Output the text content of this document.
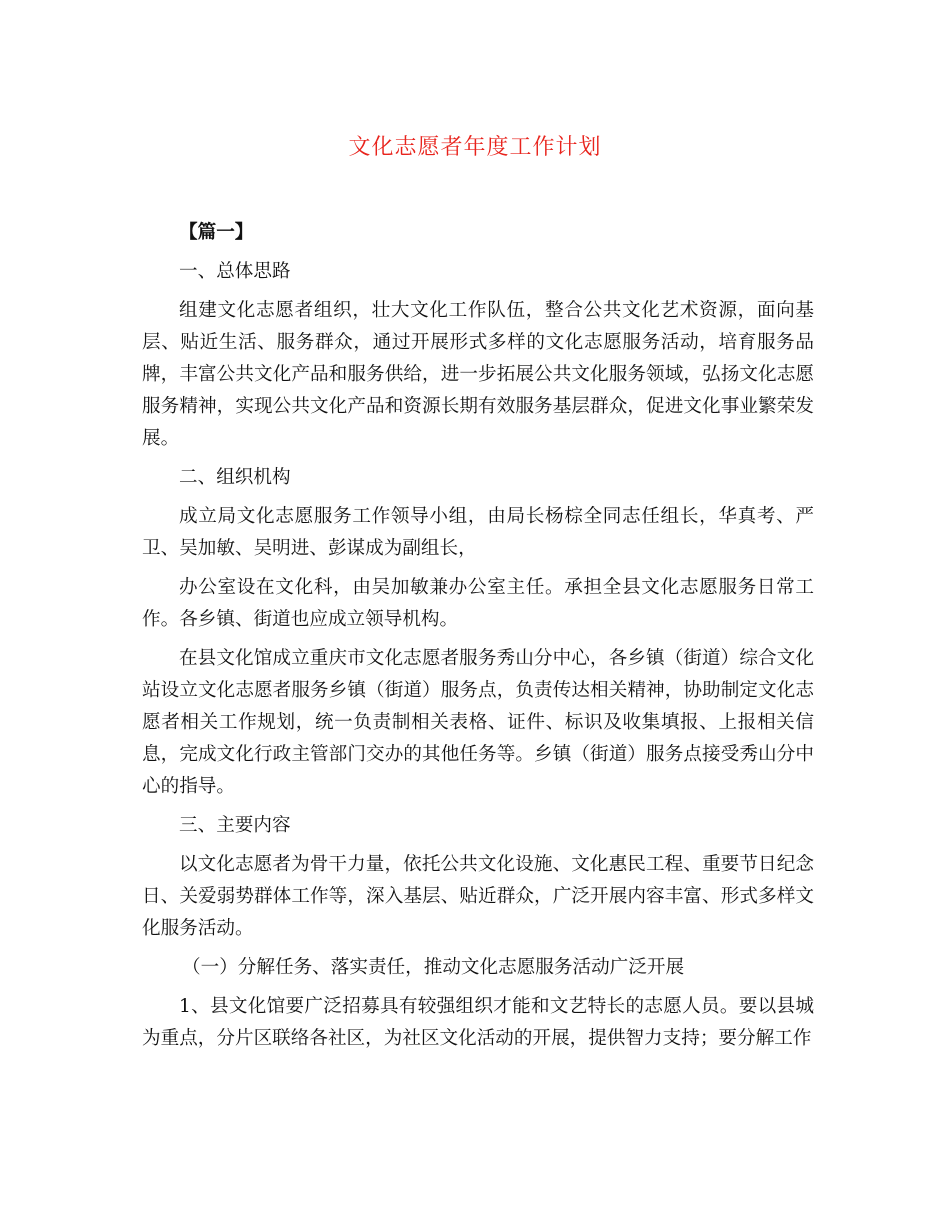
文化志愿者年度工作计划

【篇一】

一、总体思路

组建文化志愿者组织，壮大文化工作队伍，整合公共文化艺术资源，面向基层、贴近生活、服务群众，通过开展形式多样的文化志愿服务活动，培育服务品牌，丰富公共文化产品和服务供给，进一步拓展公共文化服务领域，弘扬文化志愿服务精神，实现公共文化产品和资源长期有效服务基层群众，促进文化事业繁荣发展。

二、组织机构

成立局文化志愿服务工作领导小组，由局长杨棕全同志任组长，华真考、严卫、吴加敏、吴明进、彭谋成为副组长，

办公室设在文化科，由吴加敏兼办公室主任。承担全县文化志愿服务日常工作。各乡镇、街道也应成立领导机构。

在县文化馆成立重庆市文化志愿者服务秀山分中心，各乡镇（街道）综合文化站设立文化志愿者服务乡镇（街道）服务点，负责传达相关精神，协助制定文化志愿者相关工作规划，统一负责制相关表格、证件、标识及收集填报、上报相关信息，完成文化行政主管部门交办的其他任务等。乡镇（街道）服务点接受秀山分中心的指导。

三、主要内容

以文化志愿者为骨干力量，依托公共文化设施、文化惠民工程、重要节日纪念日、关爱弱势群体工作等，深入基层、贴近群众，广泛开展内容丰富、形式多样文化服务活动。

（一）分解任务、落实责任，推动文化志愿服务活动广泛开展

1、县文化馆要广泛招募具有较强组织才能和文艺特长的志愿人员。要以县城为重点，分片区联络各社区，为社区文化活动的开展，提供智力支持；要分解工作
